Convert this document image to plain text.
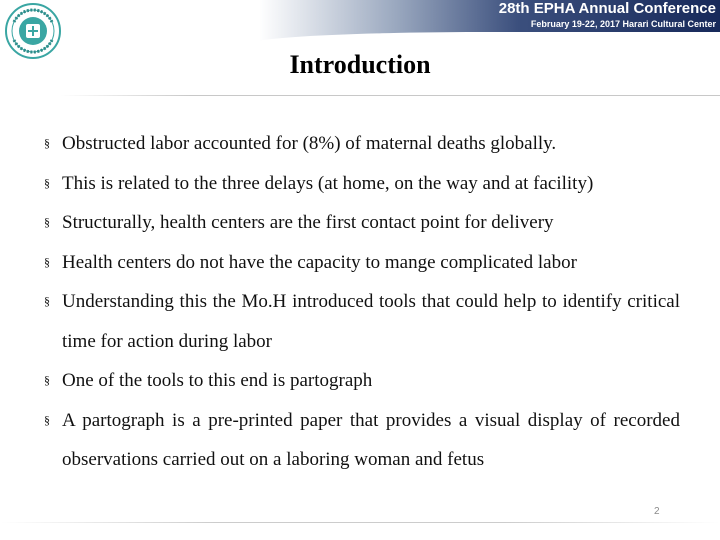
28th EPHA Annual Conference
February 19-22, 2017 Harari Cultural Center
Harar
Introduction
§ Obstructed labor accounted for (8%) of maternal deaths globally.
§ This is related to the three delays (at home, on the way and at facility)
§ Structurally, health centers are the first contact point for delivery
§ Health centers do not have the capacity to mange complicated labor
§ Understanding this the Mo.H introduced tools that could help to identify critical time for action during labor
§ One of the tools to this end is partograph
§ A partograph is a pre-printed paper that provides a visual display of recorded observations carried out on a laboring woman and fetus
2
